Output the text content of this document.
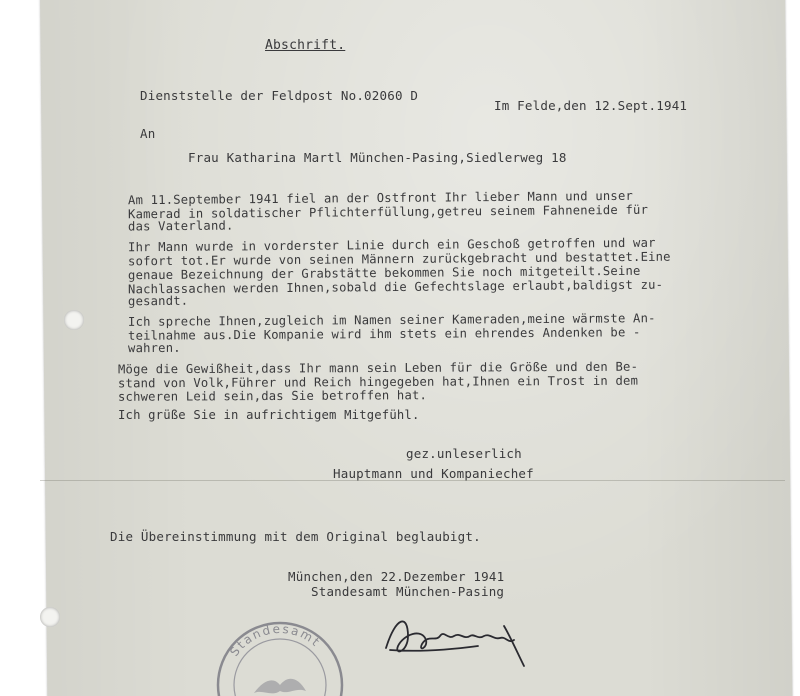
Abschrift.
Dienststelle der Feldpost No.02060 D
Im Felde,den 12.Sept.1941
An
Frau Katharina Martl München-Pasing,Siedlerweg 18
Am 11.September 1941 fiel an der Ostfront Ihr lieber Mann und unser
Kamerad in soldatischer Pflichterfüllung,getreu seinem Fahneneide für
das Vaterland.
Ihr Mann wurde in vorderster Linie durch ein Geschoß getroffen und war
sofort tot.Er wurde von seinen Männern zurückgebracht und bestattet.Eine
genaue Bezeichnung der Grabstätte bekommen Sie noch mitgeteilt.Seine
Nachlassachen werden Ihnen,sobald die Gefechtslage erlaubt,baldigst zu-
gesandt.
Ich spreche Ihnen,zugleich im Namen seiner Kameraden,meine wärmste An-
teilnahme aus.Die Kompanie wird ihm stets ein ehrendes Andenken be -
wahren.
Möge die Gewißheit,dass Ihr mann sein Leben für die Größe und den Be-
stand von Volk,Führer und Reich hingegeben hat,Ihnen ein Trost in dem
schweren Leid sein,das Sie betroffen hat.
Ich grüße Sie in aufrichtigem Mitgefühl.
gez.unleserlich
Hauptmann und Kompaniechef
Die Übereinstimmung mit dem Original beglaubigt.
München,den 22.Dezember 1941
Standesamt München-Pasing
Standesamt
